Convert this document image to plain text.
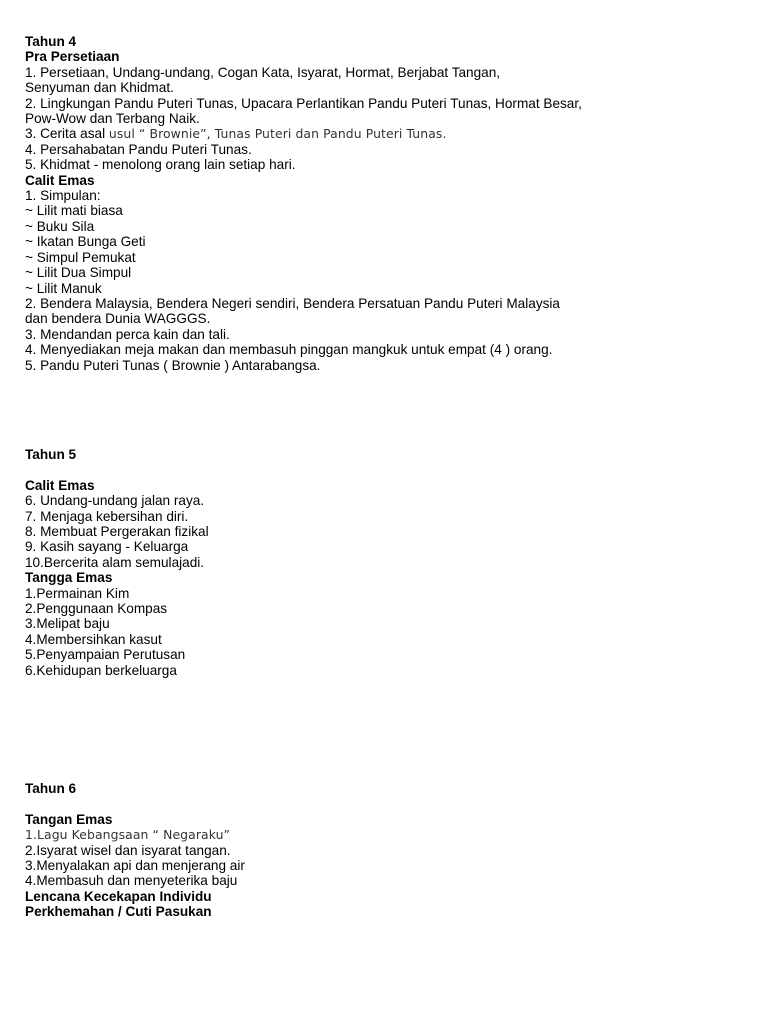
Tahun 4
Pra Persetiaan
1. Persetiaan, Undang-undang, Cogan Kata, Isyarat, Hormat, Berjabat Tangan,
Senyuman dan Khidmat.
2. Lingkungan Pandu Puteri Tunas, Upacara Perlantikan Pandu Puteri Tunas, Hormat Besar,
Pow-Wow dan Terbang Naik.
3. Cerita asal usul “ Brownie”, Tunas Puteri dan Pandu Puteri Tunas.
4. Persahabatan Pandu Puteri Tunas.
5. Khidmat - menolong orang lain setiap hari.
Calit Emas
1. Simpulan:
~ Lilit mati biasa
~ Buku Sila
~ Ikatan Bunga Geti
~ Simpul Pemukat
~ Lilit Dua Simpul
~ Lilit Manuk
2. Bendera Malaysia, Bendera Negeri sendiri, Bendera Persatuan Pandu Puteri Malaysia
dan bendera Dunia WAGGGS.
3. Mendandan perca kain dan tali.
4. Menyediakan meja makan dan membasuh pinggan mangkuk untuk empat (4 ) orang.
5. Pandu Puteri Tunas ( Brownie ) Antarabangsa.
Tahun 5
Calit Emas
6. Undang-undang jalan raya.
7. Menjaga kebersihan diri.
8. Membuat Pergerakan fizikal
9. Kasih sayang - Keluarga
10.Bercerita alam semulajadi.
Tangga Emas
1.Permainan Kim
2.Penggunaan Kompas
3.Melipat baju
4.Membersihkan kasut
5.Penyampaian Perutusan
6.Kehidupan berkeluarga
Tahun 6
Tangan Emas
1.Lagu Kebangsaan “ Negaraku”
2.Isyarat wisel dan isyarat tangan.
3.Menyalakan api dan menjerang air
4.Membasuh dan menyeterika baju
Lencana Kecekapan Individu
Perkhemahan / Cuti Pasukan
